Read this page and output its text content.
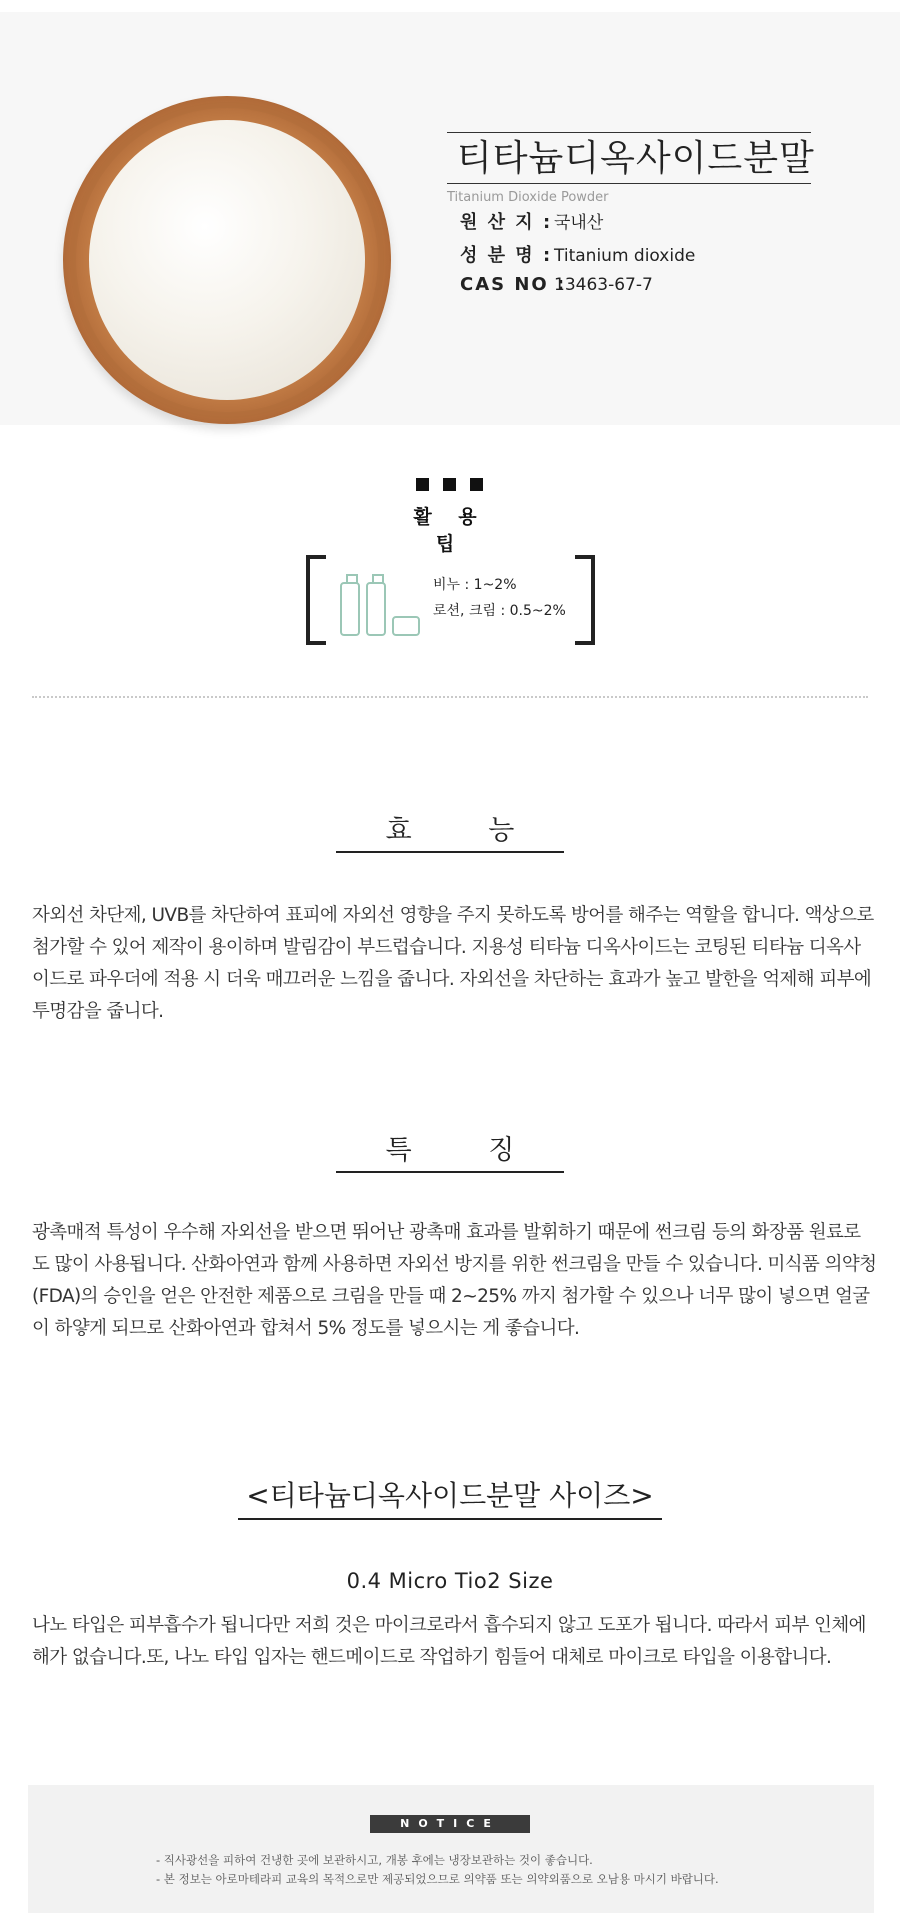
티타늄디옥사이드분말
Titanium Dioxide Powder
원 산 지 : 국내산
성 분 명 : Titanium dioxide
CAS NO :13463-67-7
활 용 팁
비누 : 1~2%
로션, 크림 : 0.5~2%
효 능
자외선 차단제, UVB를 차단하여 표피에 자외선 영향을 주지 못하도록 방어를 해주는 역할을 합니다. 액상으로 첨가할 수 있어 제작이 용이하며 발림감이 부드럽습니다. 지용성 티타늄 디옥사이드는 코팅된 티타늄 디옥사이드로 파우더에 적용 시 더욱 매끄러운 느낌을 줍니다. 자외선을 차단하는 효과가 높고 발한을 억제해 피부에 투명감을 줍니다.
특 징
광촉매적 특성이 우수해 자외선을 받으면 뛰어난 광촉매 효과를 발휘하기 때문에 썬크림 등의 화장품 원료로도 많이 사용됩니다. 산화아연과 함께 사용하면 자외선 방지를 위한 썬크림을 만들 수 있습니다. 미식품 의약청(FDA)의 승인을 얻은 안전한 제품으로 크림을 만들 때 2~25% 까지 첨가할 수 있으나 너무 많이 넣으면 얼굴이 하얗게 되므로 산화아연과 합쳐서 5% 정도를 넣으시는 게 좋습니다.
<티타늄디옥사이드분말 사이즈>
0.4 Micro Tio2 Size
나노 타입은 피부흡수가 됩니다만 저희 것은 마이크로라서 흡수되지 않고 도포가 됩니다. 따라서 피부 인체에 해가 없습니다.또, 나노 타입 입자는 핸드메이드로 작업하기 힘들어 대체로 마이크로 타입을 이용합니다.
NOTICE
- 직사광선을 피하여 건냉한 곳에 보관하시고, 개봉 후에는 냉장보관하는 것이 좋습니다.
- 본 정보는 아로마테라피 교육의 목적으로만 제공되었으므로 의약품 또는 의약외품으로 오남용 마시기 바랍니다.
